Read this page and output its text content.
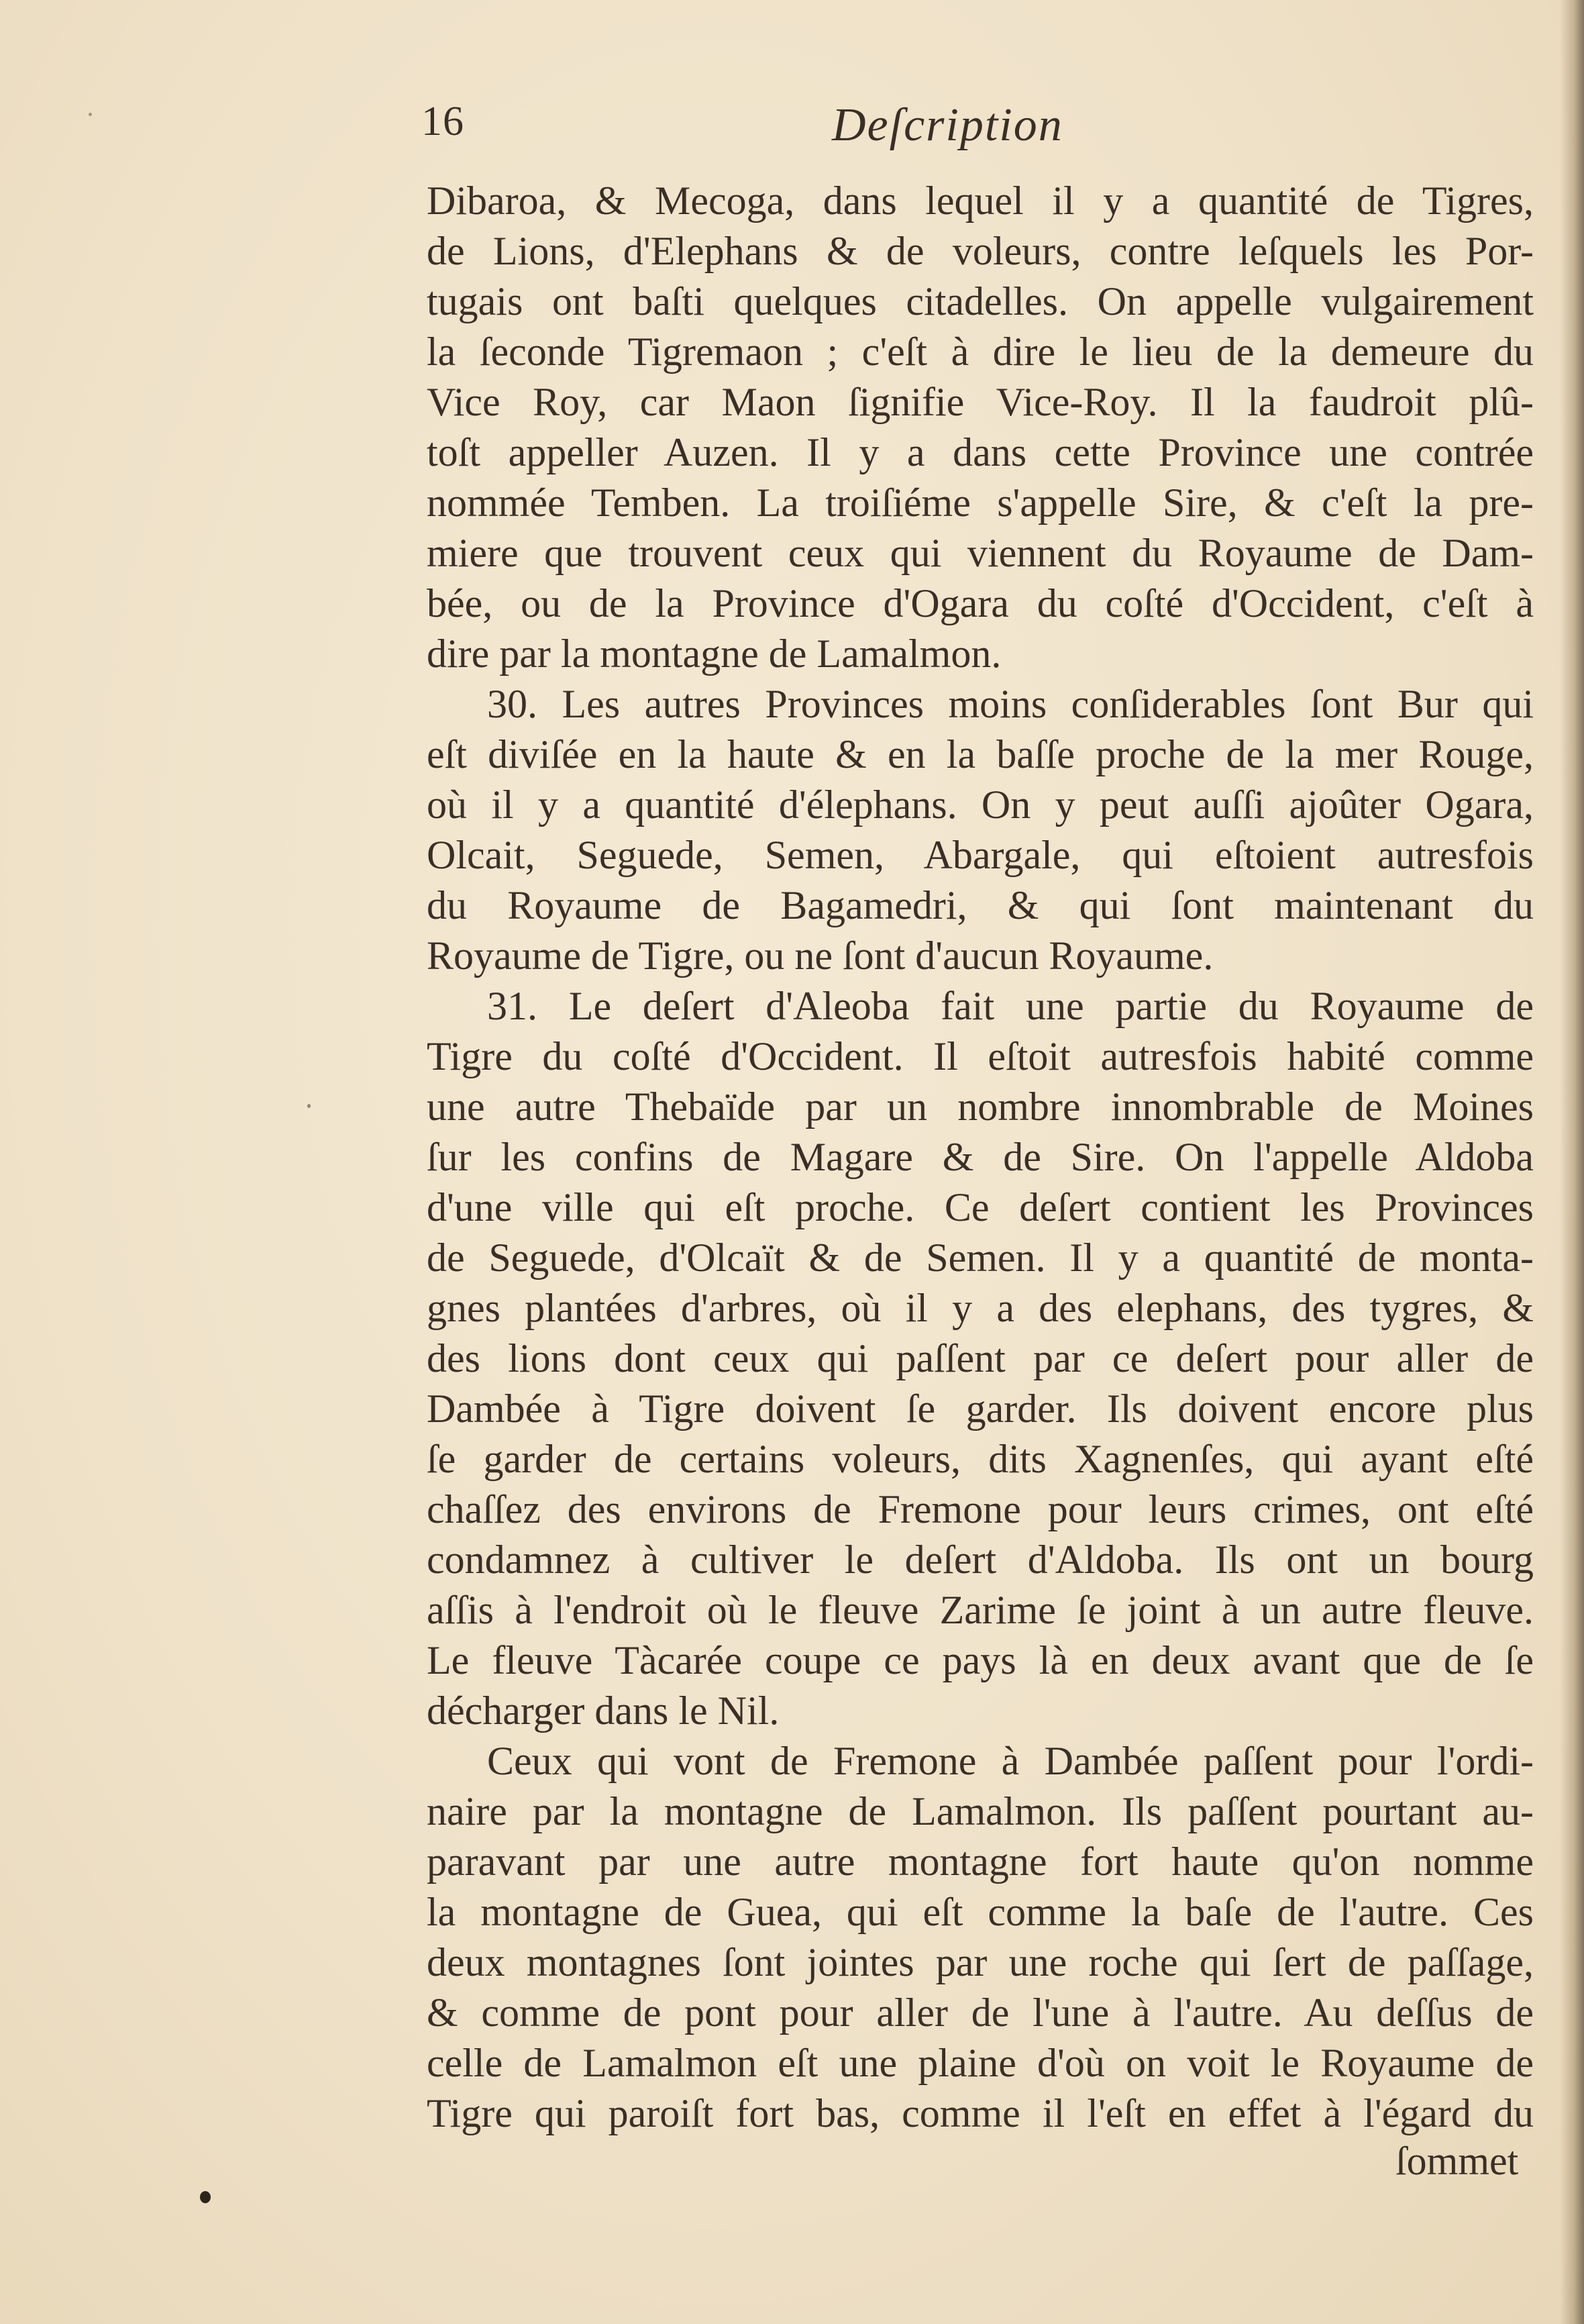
16	Deſcription
Dibaroa, & Mecoga, dans lequel il y a quantité de Tigres,
de Lions, d'Elephans & de voleurs, contre leſquels les Por-
tugais ont baſti quelques citadelles. On appelle vulgairement
la ſeconde Tigremaon ; c'eſt à dire le lieu de la demeure du
Vice Roy, car Maon ſignifie Vice-Roy. Il la faudroit plû-
toſt appeller Auzen. Il y a dans cette Province une contrée
nommée Temben. La troiſiéme s'appelle Sire, & c'eſt la pre-
miere que trouvent ceux qui viennent du Royaume de Dam-
bée, ou de la Province d'Ogara du coſté d'Occident, c'eſt à
dire par la montagne de Lamalmon.
30. Les autres Provinces moins conſiderables ſont Bur qui
eſt diviſée en la haute & en la baſſe proche de la mer Rouge,
où il y a quantité d'élephans. On y peut auſſi ajoûter Ogara,
Olcait, Seguede, Semen, Abargale, qui eſtoient autresfois
du Royaume de Bagamedri, & qui ſont maintenant du
Royaume de Tigre, ou ne ſont d'aucun Royaume.
31. Le deſert d'Aleoba fait une partie du Royaume de
Tigre du coſté d'Occident. Il eſtoit autresfois habité comme
une autre Thebaïde par un nombre innombrable de Moines
ſur les confins de Magare & de Sire. On l'appelle Aldoba
d'une ville qui eſt proche. Ce deſert contient les Provinces
de Seguede, d'Olcaït & de Semen. Il y a quantité de monta-
gnes plantées d'arbres, où il y a des elephans, des tygres, &
des lions dont ceux qui paſſent par ce deſert pour aller de
Dambée à Tigre doivent ſe garder. Ils doivent encore plus
ſe garder de certains voleurs, dits Xagnenſes, qui ayant eſté
chaſſez des environs de Fremone pour leurs crimes, ont eſté
condamnez à cultiver le deſert d'Aldoba. Ils ont un bourg
aſſis à l'endroit où le fleuve Zarime ſe joint à un autre fleuve.
Le fleuve Tàcarée coupe ce pays là en deux avant que de ſe
décharger dans le Nil.
Ceux qui vont de Fremone à Dambée paſſent pour l'ordi-
naire par la montagne de Lamalmon. Ils paſſent pourtant au-
paravant par une autre montagne fort haute qu'on nomme
la montagne de Guea, qui eſt comme la baſe de l'autre. Ces
deux montagnes ſont jointes par une roche qui ſert de paſſage,
& comme de pont pour aller de l'une à l'autre. Au deſſus de
celle de Lamalmon eſt une plaine d'où on voit le Royaume de
Tigre qui paroiſt fort bas, comme il l'eſt en effet à l'égard du
ſommet
